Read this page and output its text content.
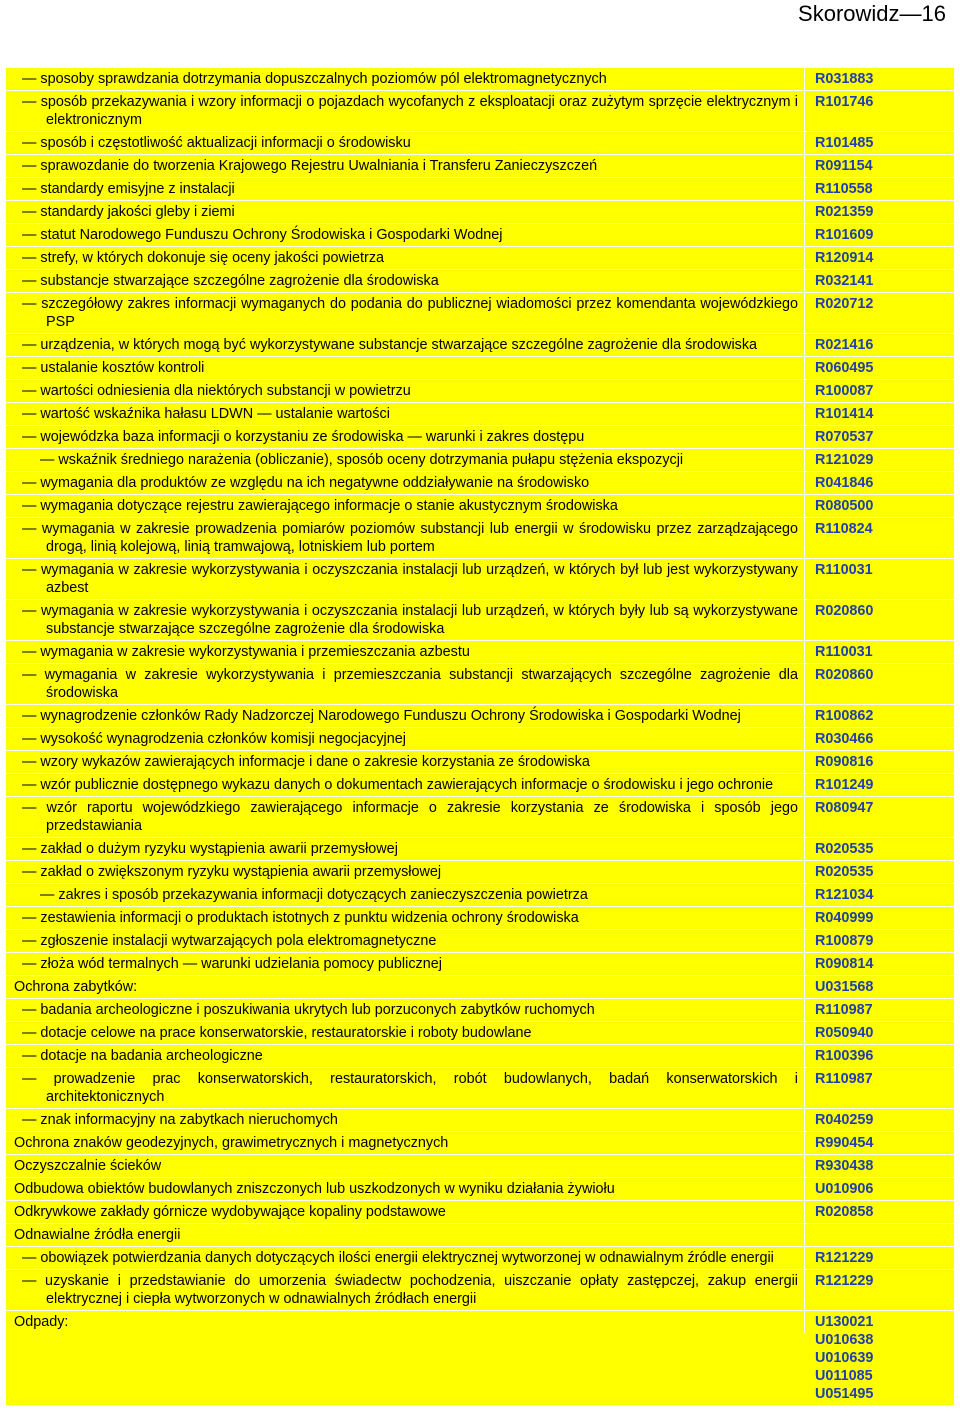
Skorowidz—16
— sposoby sprawdzania dotrzymania dopuszczalnych poziomów pól elektromagnetycznych	R031883
— sposób przekazywania i wzory informacji o pojazdach wycofanych z eksploatacji oraz zużytym sprzęcie elektrycznym i elektronicznym
R101746
— sposób i częstotliwość aktualizacji informacji o środowisku	R101485
— sprawozdanie do tworzenia Krajowego Rejestru Uwalniania i Transferu Zanieczyszczeń	R091154
— standardy emisyjne z instalacji	R110558
— standardy jakości gleby i ziemi	R021359
— statut Narodowego Funduszu Ochrony Środowiska i Gospodarki Wodnej	R101609
— strefy, w których dokonuje się oceny jakości powietrza	R120914
— substancje stwarzające szczególne zagrożenie dla środowiska	R032141
— szczegółowy zakres informacji wymaganych do podania do publicznej wiadomości przez komendanta wojewódzkiego PSP
R020712
— urządzenia, w których mogą być wykorzystywane substancje stwarzające szczególne zagrożenie dla środowiska	R021416
— ustalanie kosztów kontroli	R060495
— wartości odniesienia dla niektórych substancji w powietrzu	R100087
— wartość wskaźnika hałasu LDWN — ustalanie wartości	R101414
— wojewódzka baza informacji o korzystaniu ze środowiska — warunki i zakres dostępu	R070537
— wskaźnik średniego narażenia (obliczanie), sposób oceny dotrzymania pułapu stężenia ekspozycji	R121029
— wymagania dla produktów ze względu na ich negatywne oddziaływanie na środowisko	R041846
— wymagania dotyczące rejestru zawierającego informacje o stanie akustycznym środowiska	R080500
— wymagania w zakresie prowadzenia pomiarów poziomów substancji lub energii w środowisku przez zarządzającego drogą, linią kolejową, linią tramwajową, lotniskiem lub portem
R110824
— wymagania w zakresie wykorzystywania i oczyszczania instalacji lub urządzeń, w których był lub jest wykorzystywany azbest
R110031
— wymagania w zakresie wykorzystywania i oczyszczania instalacji lub urządzeń, w których były lub są wykorzystywane substancje stwarzające szczególne zagrożenie dla środowiska
R020860
— wymagania w zakresie wykorzystywania i przemieszczania azbestu	R110031
— wymagania w zakresie wykorzystywania i przemieszczania substancji stwarzających szczególne zagrożenie dla środowiska
R020860
— wynagrodzenie członków Rady Nadzorczej Narodowego Funduszu Ochrony Środowiska i Gospodarki Wodnej	R100862
— wysokość wynagrodzenia członków komisji negocjacyjnej	R030466
— wzory wykazów zawierających informacje i dane o zakresie korzystania ze środowiska	R090816
— wzór publicznie dostępnego wykazu danych o dokumentach zawierających informacje o środowisku i jego ochronie	R101249
— wzór raportu wojewódzkiego zawierającego informacje o zakresie korzystania ze środowiska i sposób jego przedstawiania
R080947
— zakład o dużym ryzyku wystąpienia awarii przemysłowej	R020535
— zakład o zwiększonym ryzyku wystąpienia awarii przemysłowej	R020535
— zakres i sposób przekazywania informacji dotyczących zanieczyszczenia powietrza	R121034
— zestawienia informacji o produktach istotnych z punktu widzenia ochrony środowiska	R040999
— zgłoszenie instalacji wytwarzających pola elektromagnetyczne	R100879
— złoża wód termalnych — warunki udzielania pomocy publicznej	R090814
Ochrona zabytków:	U031568
— badania archeologiczne i poszukiwania ukrytych lub porzuconych zabytków ruchomych	R110987
— dotacje celowe na prace konserwatorskie, restauratorskie i roboty budowlane	R050940
— dotacje na badania archeologiczne	R100396
— prowadzenie prac konserwatorskich, restauratorskich, robót budowlanych, badań konserwatorskich i architektonicznych
R110987
— znak informacyjny na zabytkach nieruchomych	R040259
Ochrona znaków geodezyjnych, grawimetrycznych i magnetycznych	R990454
Oczyszczalnie ścieków	R930438
Odbudowa obiektów budowlanych zniszczonych lub uszkodzonych w wyniku działania żywiołu	U010906
Odkrywkowe zakłady górnicze wydobywające kopaliny podstawowe	R020858
Odnawialne źródła energii
— obowiązek potwierdzania danych dotyczących ilości energii elektrycznej wytworzonej w odnawialnym źródle energii	R121229
— uzyskanie i przedstawianie do umorzenia świadectw pochodzenia, uiszczanie opłaty zastępczej, zakup energii elektrycznej i ciepła wytworzonych w odnawialnych źródłach energii
R121229
Odpady:	U130021
U010638
U010639
U011085
U051495
